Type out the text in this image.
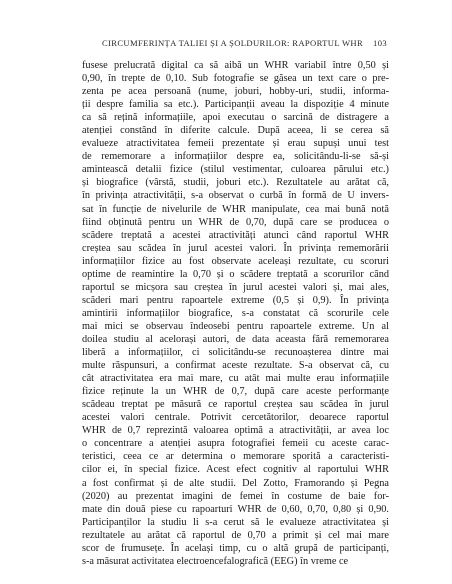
CIRCUMFERINȚA TALIEI ȘI A ȘOLDURILOR: RAPORTUL WHR 103
fusese prelucrată digital ca să aibă un WHR variabil între 0,50 și
0,90, în trepte de 0,10. Sub fotografie se găsea un text care o pre-
zenta pe acea persoană (nume, joburi, hobby-uri, studii, informa-
ții despre familia sa etc.). Participanții aveau la dispoziție 4 minute
ca să rețină informațiile, apoi executau o sarcină de distragere a
atenției constând în diferite calcule. După aceea, li se cerea să
evalueze atractivitatea femeii prezentate și erau supuși unui test
de rememorare a informațiilor despre ea, solicitându-li-se să-și
amintească detalii fizice (stilul vestimentar, culoarea părului etc.)
și biografice (vârstă, studii, joburi etc.). Rezultatele au arătat că,
în privința atractivității, s-a observat o curbă în formă de U invers-
sat în funcție de nivelurile de WHR manipulate, cea mai bună notă
fiind obținută pentru un WHR de 0,70, după care se producea o
scădere treptată a acestei atractivități atunci când raportul WHR
creștea sau scădea în jurul acestei valori. În privința rememorării
informațiilor fizice au fost observate aceleași rezultate, cu scoruri
optime de reamintire la 0,70 și o scădere treptată a scorurilor când
raportul se micșora sau creștea în jurul acestei valori și, mai ales,
scăderi mari pentru rapoartele extreme (0,5 și 0,9). În privința
amintirii informațiilor biografice, s-a constatat că scorurile cele
mai mici se observau îndeosebi pentru rapoartele extreme. Un al
doilea studiu al acelorași autori, de data aceasta fără rememorarea
liberă a informațiilor, ci solicitându-se recunoașterea dintre mai
multe răspunsuri, a confirmat aceste rezultate. S-a observat că, cu
cât atractivitatea era mai mare, cu atât mai multe erau informațiile
fizice reținute la un WHR de 0,7, după care aceste performanțe
scădeau treptat pe măsură ce raportul creștea sau scădea în jurul
acestei valori centrale. Potrivit cercetătorilor, deoarece raportul
WHR de 0,7 reprezintă valoarea optimă a atractivității, ar avea loc
o concentrare a atenției asupra fotografiei femeii cu aceste carac-
teristici, ceea ce ar determina o memorare sporită a caracteristi-
cilor ei, în special fizice. Acest efect cognitiv al raportului WHR
a fost confirmat și de alte studii. Del Zotto, Framorando și Pegna
(2020) au prezentat imagini de femei în costume de baie for-
mate din două piese cu rapoarturi WHR de 0,60, 0,70, 0,80 și 0,90.
Participanților la studiu li s-a cerut să le evalueze atractivitatea și
rezultatele au arătat că raportul de 0,70 a primit și cel mai mare
scor de frumusețe. În același timp, cu o altă grupă de participanți,
s-a măsurat activitatea electroencefalografică (EEG) în vreme ce
